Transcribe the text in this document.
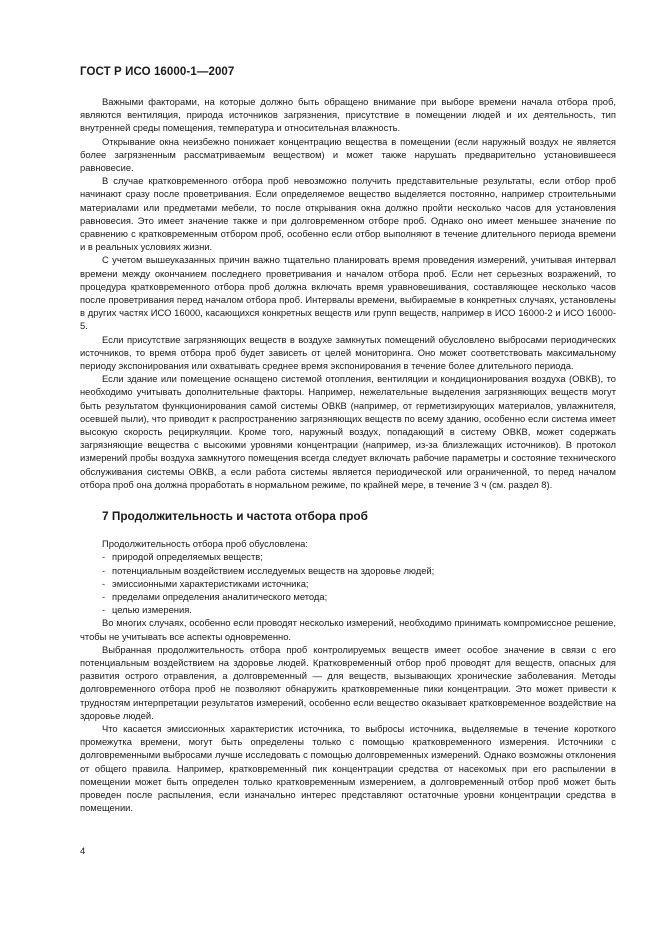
ГОСТ Р ИСО 16000-1—2007

Важными факторами, на которые должно быть обращено внимание при выборе времени начала отбора проб, являются вентиляция, природа источников загрязнения, присутствие в помещении людей и их деятельность, тип внутренней среды помещения, температура и относительная влажность.

Открывание окна неизбежно понижает концентрацию вещества в помещении (если наружный воздух не является более загрязненным рассматриваемым веществом) и может также нарушать предварительно установившееся равновесие.

В случае кратковременного отбора проб невозможно получить представительные результаты, если отбор проб начинают сразу после проветривания. Если определяемое вещество выделяется постоянно, например строительными материалами или предметами мебели, то после открывания окна должно пройти несколько часов для установления равновесия. Это имеет значение также и при долговременном отборе проб. Однако оно имеет меньшее значение по сравнению с кратковременным отбором проб, особенно если отбор выполняют в течение длительного периода времени и в реальных условиях жизни.

С учетом вышеуказанных причин важно тщательно планировать время проведения измерений, учитывая интервал времени между окончанием последнего проветривания и началом отбора проб. Если нет серьезных возражений, то процедура кратковременного отбора проб должна включать время уравновешивания, составляющее несколько часов после проветривания перед началом отбора проб. Интервалы времени, выбираемые в конкретных случаях, установлены в других частях ИСО 16000, касающихся конкретных веществ или групп веществ, например в ИСО 16000-2 и ИСО 16000-5.

Если присутствие загрязняющих веществ в воздухе замкнутых помещений обусловлено выбросами периодических источников, то время отбора проб будет зависеть от целей мониторинга. Оно может соответствовать максимальному периоду экспонирования или охватывать среднее время экспонирования в течение более длительного периода.

Если здание или помещение оснащено системой отопления, вентиляции и кондиционирования воздуха (ОВКВ), то необходимо учитывать дополнительные факторы. Например, нежелательные выделения загрязняющих веществ могут быть результатом функционирования самой системы ОВКВ (например, от герметизирующих материалов, увлажнителя, осевшей пыли), что приводит к распространению загрязняющих веществ по всему зданию, особенно если система имеет высокую скорость рециркуляции. Кроме того, наружный воздух, попадающий в систему ОВКВ, может содержать загрязняющие вещества с высокими уровнями концентрации (например, из-за близлежащих источников). В протокол измерений пробы воздуха замкнутого помещения всегда следует включать рабочие параметры и состояние технического обслуживания системы ОВКВ, а если работа системы является периодической или ограниченной, то перед началом отбора проб она должна проработать в нормальном режиме, по крайней мере, в течение 3 ч (см. раздел 8).

7 Продолжительность и частота отбора проб

Продолжительность отбора проб обусловлена:

- природой определяемых веществ;
- потенциальным воздействием исследуемых веществ на здоровье людей;
- эмиссионными характеристиками источника;
- пределами определения аналитического метода;
- целью измерения.

Во многих случаях, особенно если проводят несколько измерений, необходимо принимать компромиссное решение, чтобы не учитывать все аспекты одновременно.

Выбранная продолжительность отбора проб контролируемых веществ имеет особое значение в связи с его потенциальным воздействием на здоровье людей. Кратковременный отбор проб проводят для веществ, опасных для развития острого отравления, а долговременный — для веществ, вызывающих хронические заболевания. Методы долговременного отбора проб не позволяют обнаружить кратковременные пики концентрации. Это может привести к трудностям интерпретации результатов измерений, особенно если вещество оказывает кратковременное воздействие на здоровье людей.

Что касается эмиссионных характеристик источника, то выбросы источника, выделяемые в течение короткого промежутка времени, могут быть определены только с помощью кратковременного измерения. Источники с долговременными выбросами лучше исследовать с помощью долговременных измерений. Однако возможны отклонения от общего правила. Например, кратковременный пик концентрации средства от насекомых при его распылении в помещении может быть определен только кратковременным измерением, а долговременный отбор проб может быть проведен после распыления, если изначально интерес представляют остаточные уровни концентрации средства в помещении.

4
